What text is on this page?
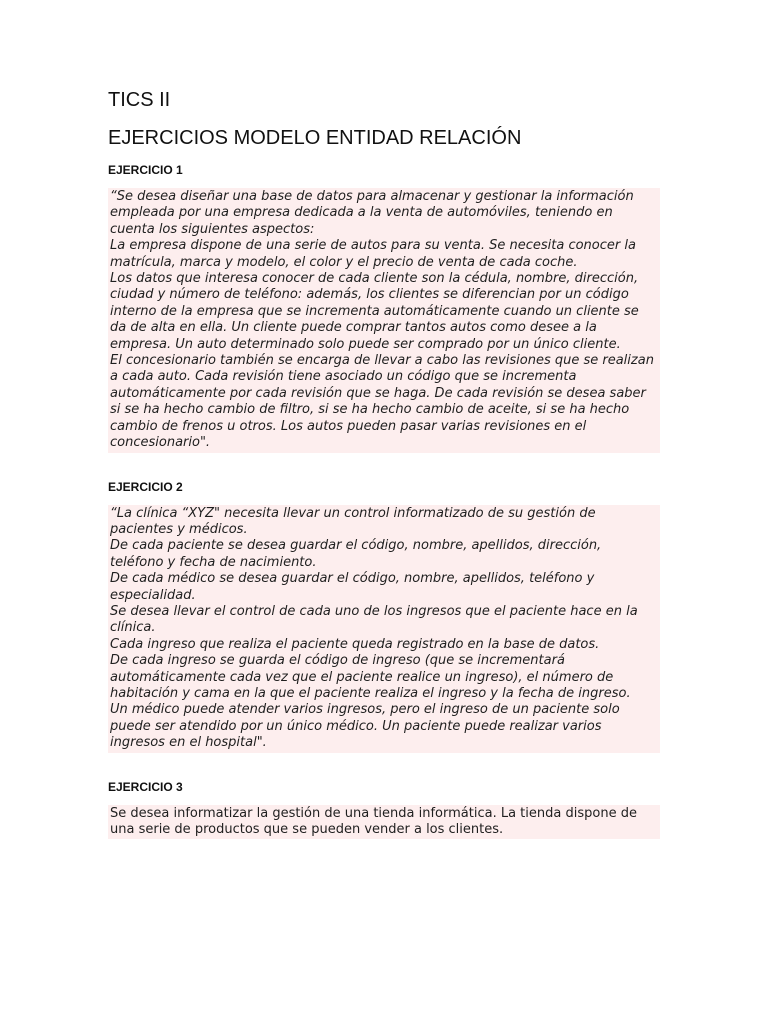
TICS II
EJERCICIOS MODELO ENTIDAD RELACIÓN
EJERCICIO 1

“Se desea diseñar una base de datos para almacenar y gestionar la información empleada por una empresa dedicada a la venta de automóviles, teniendo en cuenta los siguientes aspectos:

La empresa dispone de una serie de autos para su venta. Se necesita conocer la matrícula, marca y modelo, el color y el precio de venta de cada coche.

Los datos que interesa conocer de cada cliente son la cédula, nombre, dirección, ciudad y número de teléfono: además, los clientes se diferencian por un código interno de la empresa que se incrementa automáticamente cuando un cliente se da de alta en ella. Un cliente puede comprar tantos autos como desee a la empresa. Un auto determinado solo puede ser comprado por un único cliente.

El concesionario también se encarga de llevar a cabo las revisiones que se realizan a cada auto. Cada revisión tiene asociado un código que se incrementa automáticamente por cada revisión que se haga. De cada revisión se desea saber si se ha hecho cambio de filtro, si se ha hecho cambio de aceite, si se ha hecho cambio de frenos u otros. Los autos pueden pasar varias revisiones en el concesionario".

EJERCICIO 2

“La clínica “XYZ" necesita llevar un control informatizado de su gestión de pacientes y médicos.

De cada paciente se desea guardar el código, nombre, apellidos, dirección, teléfono y fecha de nacimiento.

De cada médico se desea guardar el código, nombre, apellidos, teléfono y especialidad.

Se desea llevar el control de cada uno de los ingresos que el paciente hace en la clínica.

Cada ingreso que realiza el paciente queda registrado en la base de datos.

De cada ingreso se guarda el código de ingreso (que se incrementará automáticamente cada vez que el paciente realice un ingreso), el número de habitación y cama en la que el paciente realiza el ingreso y la fecha de ingreso.

Un médico puede atender varios ingresos, pero el ingreso de un paciente solo puede ser atendido por un único médico. Un paciente puede realizar varios ingresos en el hospital".

EJERCICIO 3

Se desea informatizar la gestión de una tienda informática. La tienda dispone de una serie de productos que se pueden vender a los clientes.
